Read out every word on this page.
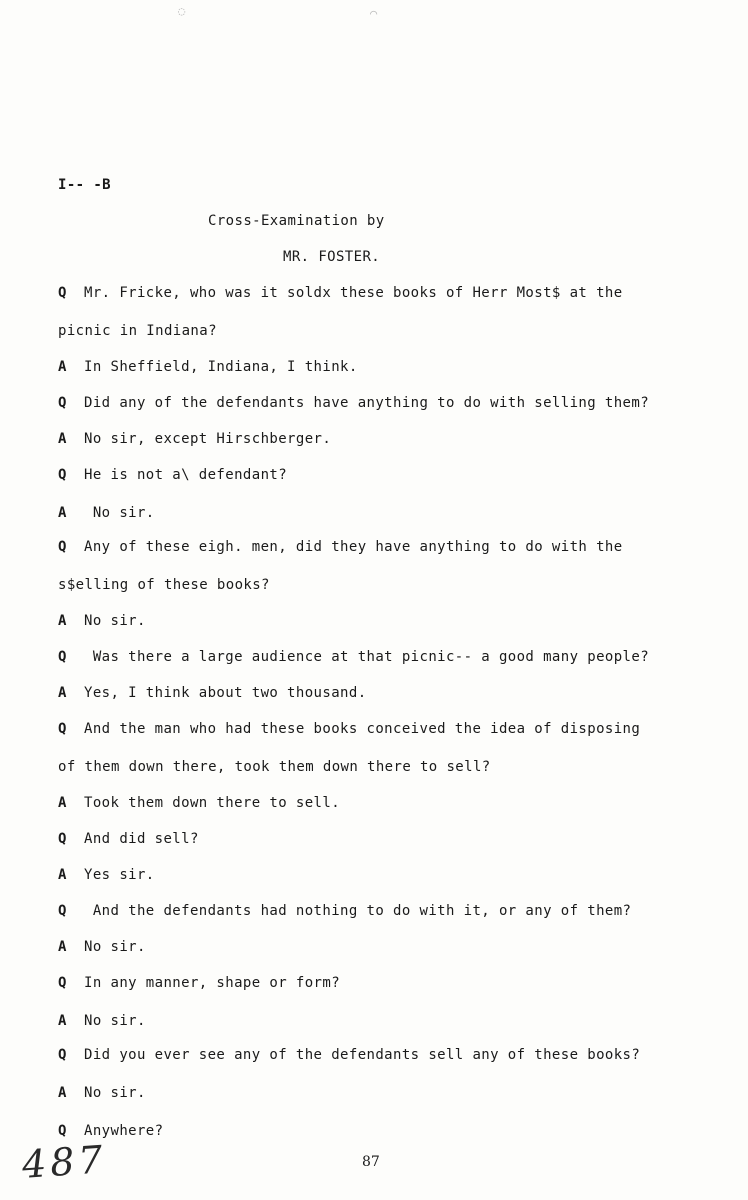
◌	⌒
I-- -B
Cross-Examination by
MR. FOSTER.
Q Mr. Fricke, who was it soldx these books of Herr Most$ at the
picnic in Indiana?
A In Sheffield, Indiana, I think.
Q Did any of the defendants have anything to do with selling them?
A No sir, except Hirschberger.
Q He is not a\ defendant?
A No sir.
Q Any of these eigh. men, did they have anything to do with the
s$elling of these books?
A No sir.
Q Was there a large audience at that picnic-- a good many people?
A Yes, I think about two thousand.
Q And the man who had these books conceived the idea of disposing
of them down there, took them down there to sell?
A Took them down there to sell.
Q And did sell?
A Yes sir.
Q And the defendants had nothing to do with it, or any of them?
A No sir.
Q In any manner, shape or form?
A No sir.
Q Did you ever see any of the defendants sell any of these books?
A No sir.
Q Anywhere?
87
487
